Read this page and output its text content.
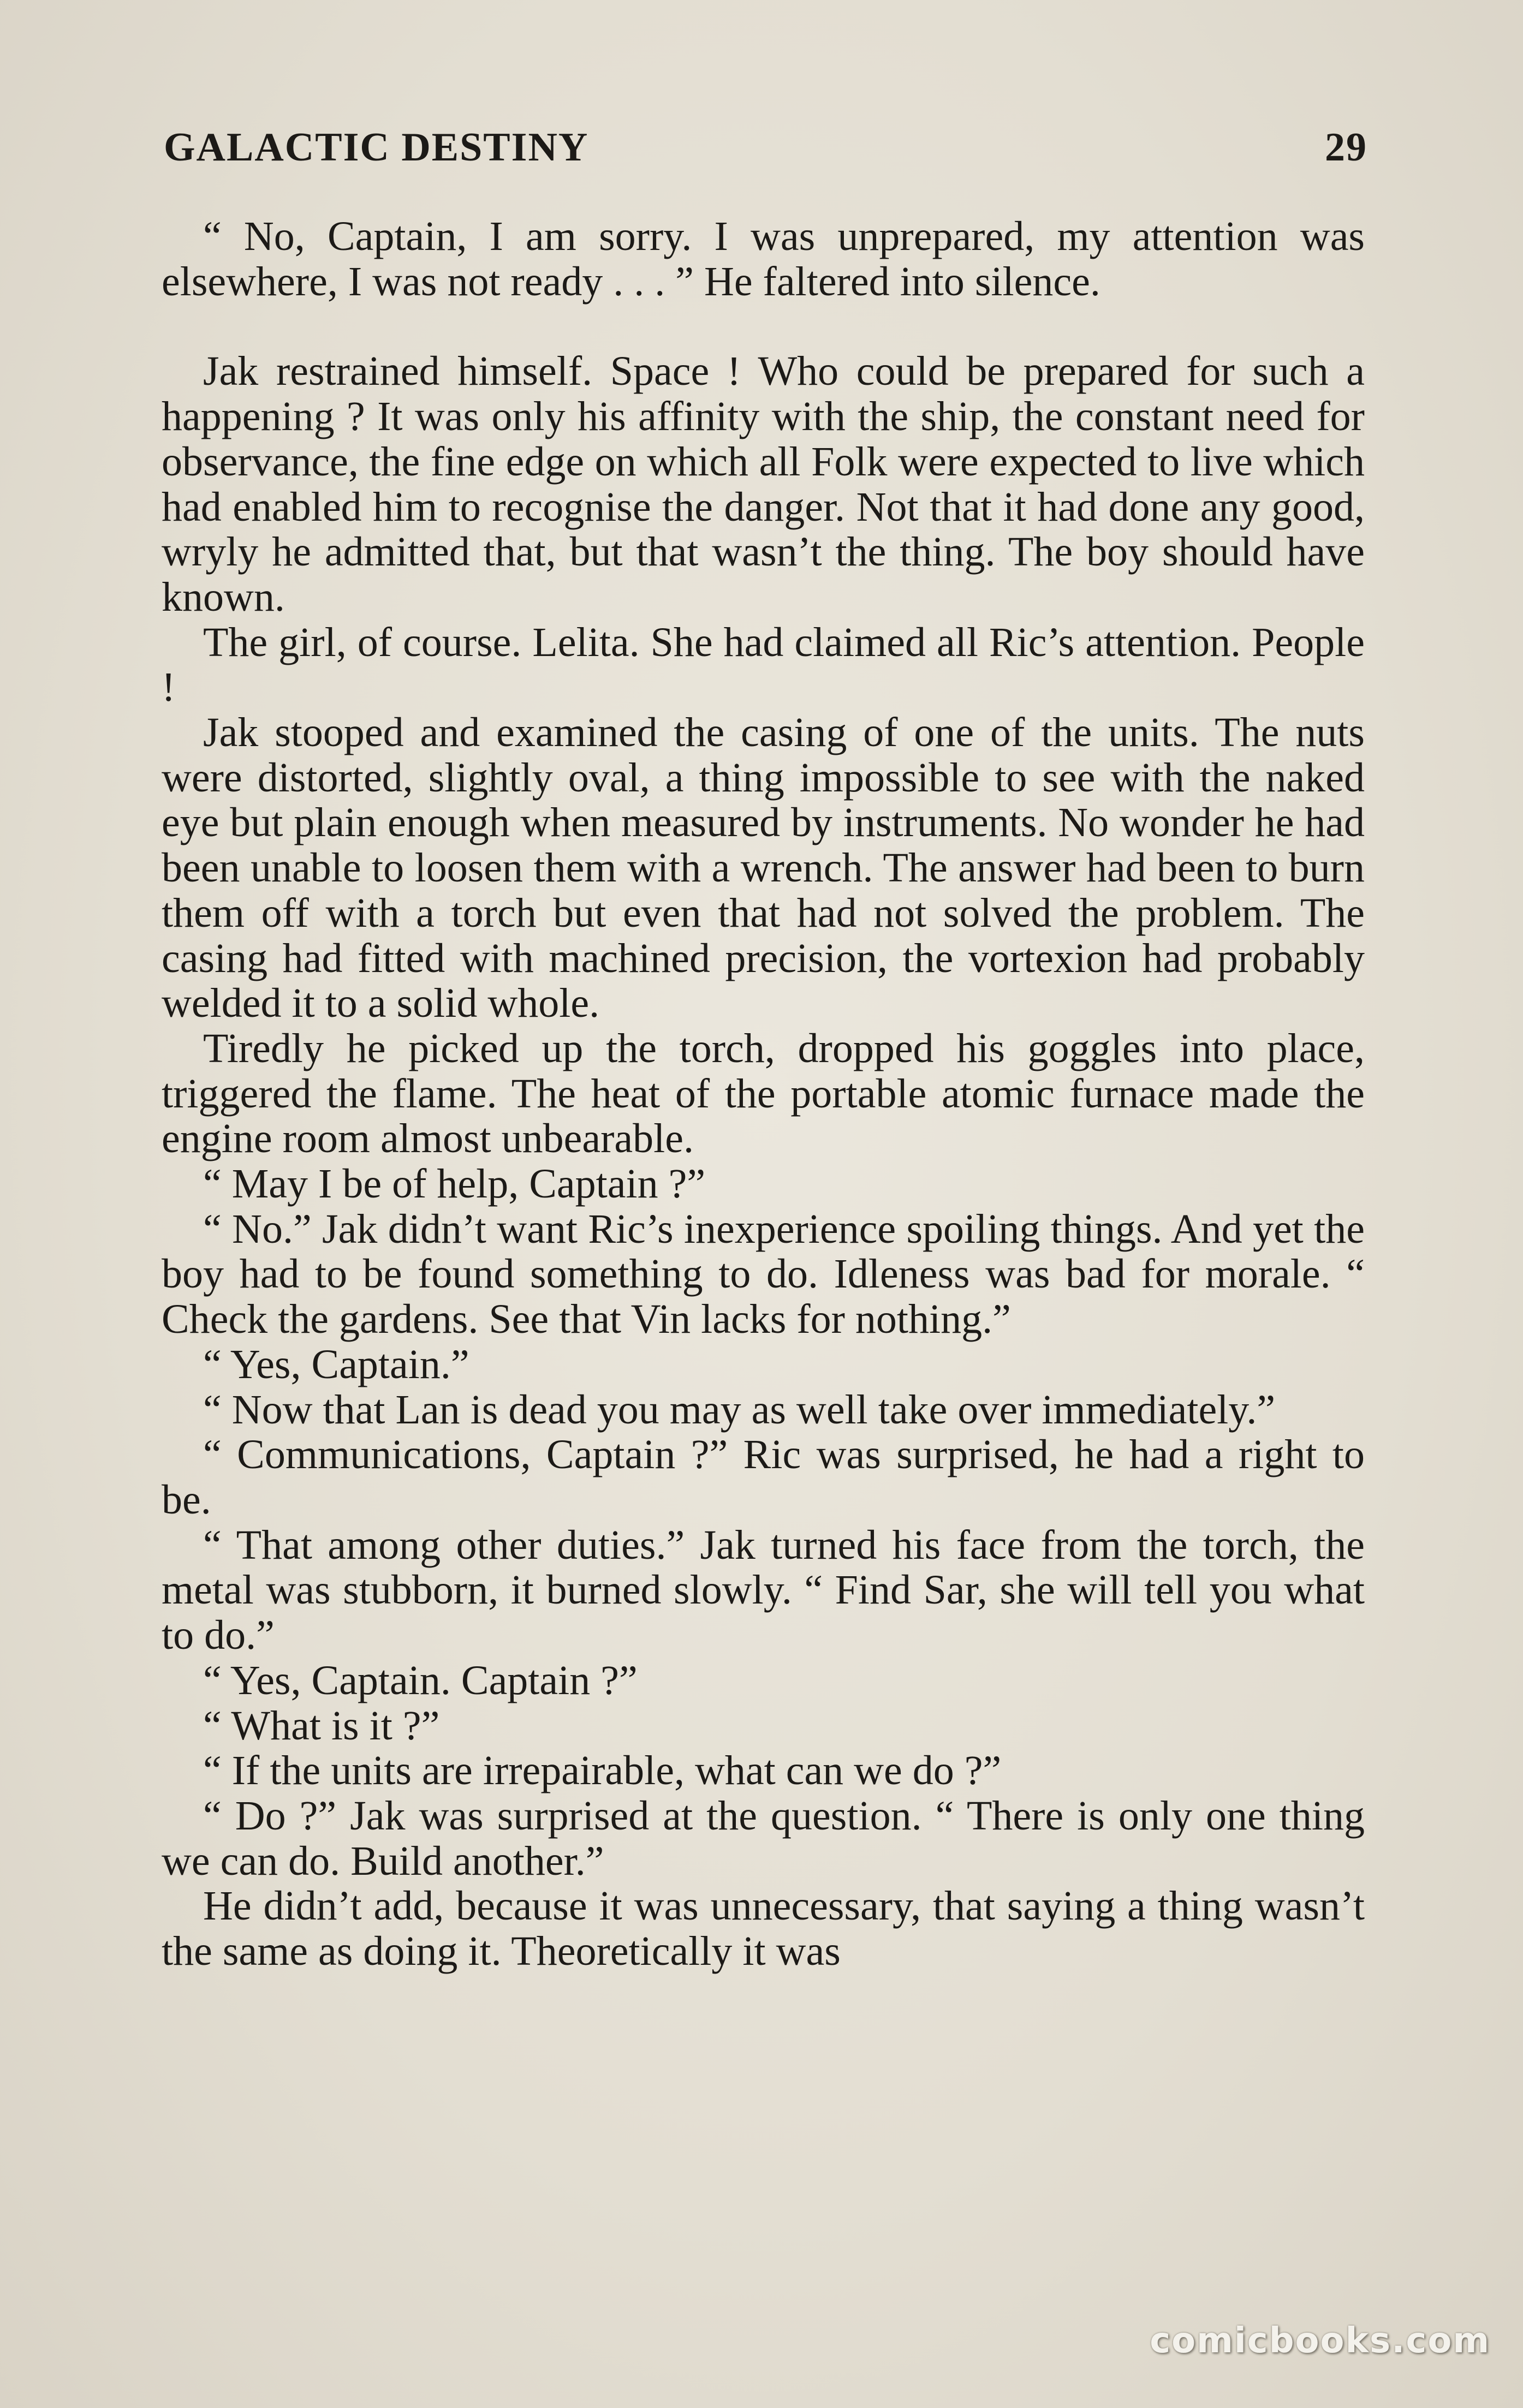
GALACTIC DESTINY	29

“ No, Captain, I am sorry. I was unprepared, my attention was elsewhere, I was not ready . . . ” He faltered into silence.

Jak restrained himself. Space ! Who could be prepared for such a happening ? It was only his affinity with the ship, the constant need for observance, the fine edge on which all Folk were expected to live which had enabled him to recognise the danger. Not that it had done any good, wryly he admitted that, but that wasn’t the thing. The boy should have known.

The girl, of course. Lelita. She had claimed all Ric’s attention. People !

Jak stooped and examined the casing of one of the units. The nuts were distorted, slightly oval, a thing impossible to see with the naked eye but plain enough when measured by instruments. No wonder he had been unable to loosen them with a wrench. The answer had been to burn them off with a torch but even that had not solved the problem. The casing had fitted with machined precision, the vortexion had probably welded it to a solid whole.

Tiredly he picked up the torch, dropped his goggles into place, triggered the flame. The heat of the portable atomic furnace made the engine room almost unbearable.

“ May I be of help, Captain ?”

“ No.” Jak didn’t want Ric’s inexperience spoiling things. And yet the boy had to be found something to do. Idleness was bad for morale. “ Check the gardens. See that Vin lacks for nothing.”

“ Yes, Captain.”

“ Now that Lan is dead you may as well take over immediately.”

“ Communications, Captain ?” Ric was surprised, he had a right to be.

“ That among other duties.” Jak turned his face from the torch, the metal was stubborn, it burned slowly. “ Find Sar, she will tell you what to do.”

“ Yes, Captain. Captain ?”

“ What is it ?”

“ If the units are irrepairable, what can we do ?”

“ Do ?” Jak was surprised at the question. “ There is only one thing we can do. Build another.”

He didn’t add, because it was unnecessary, that saying a thing wasn’t the same as doing it. Theoretically it was

comicbooks.com
